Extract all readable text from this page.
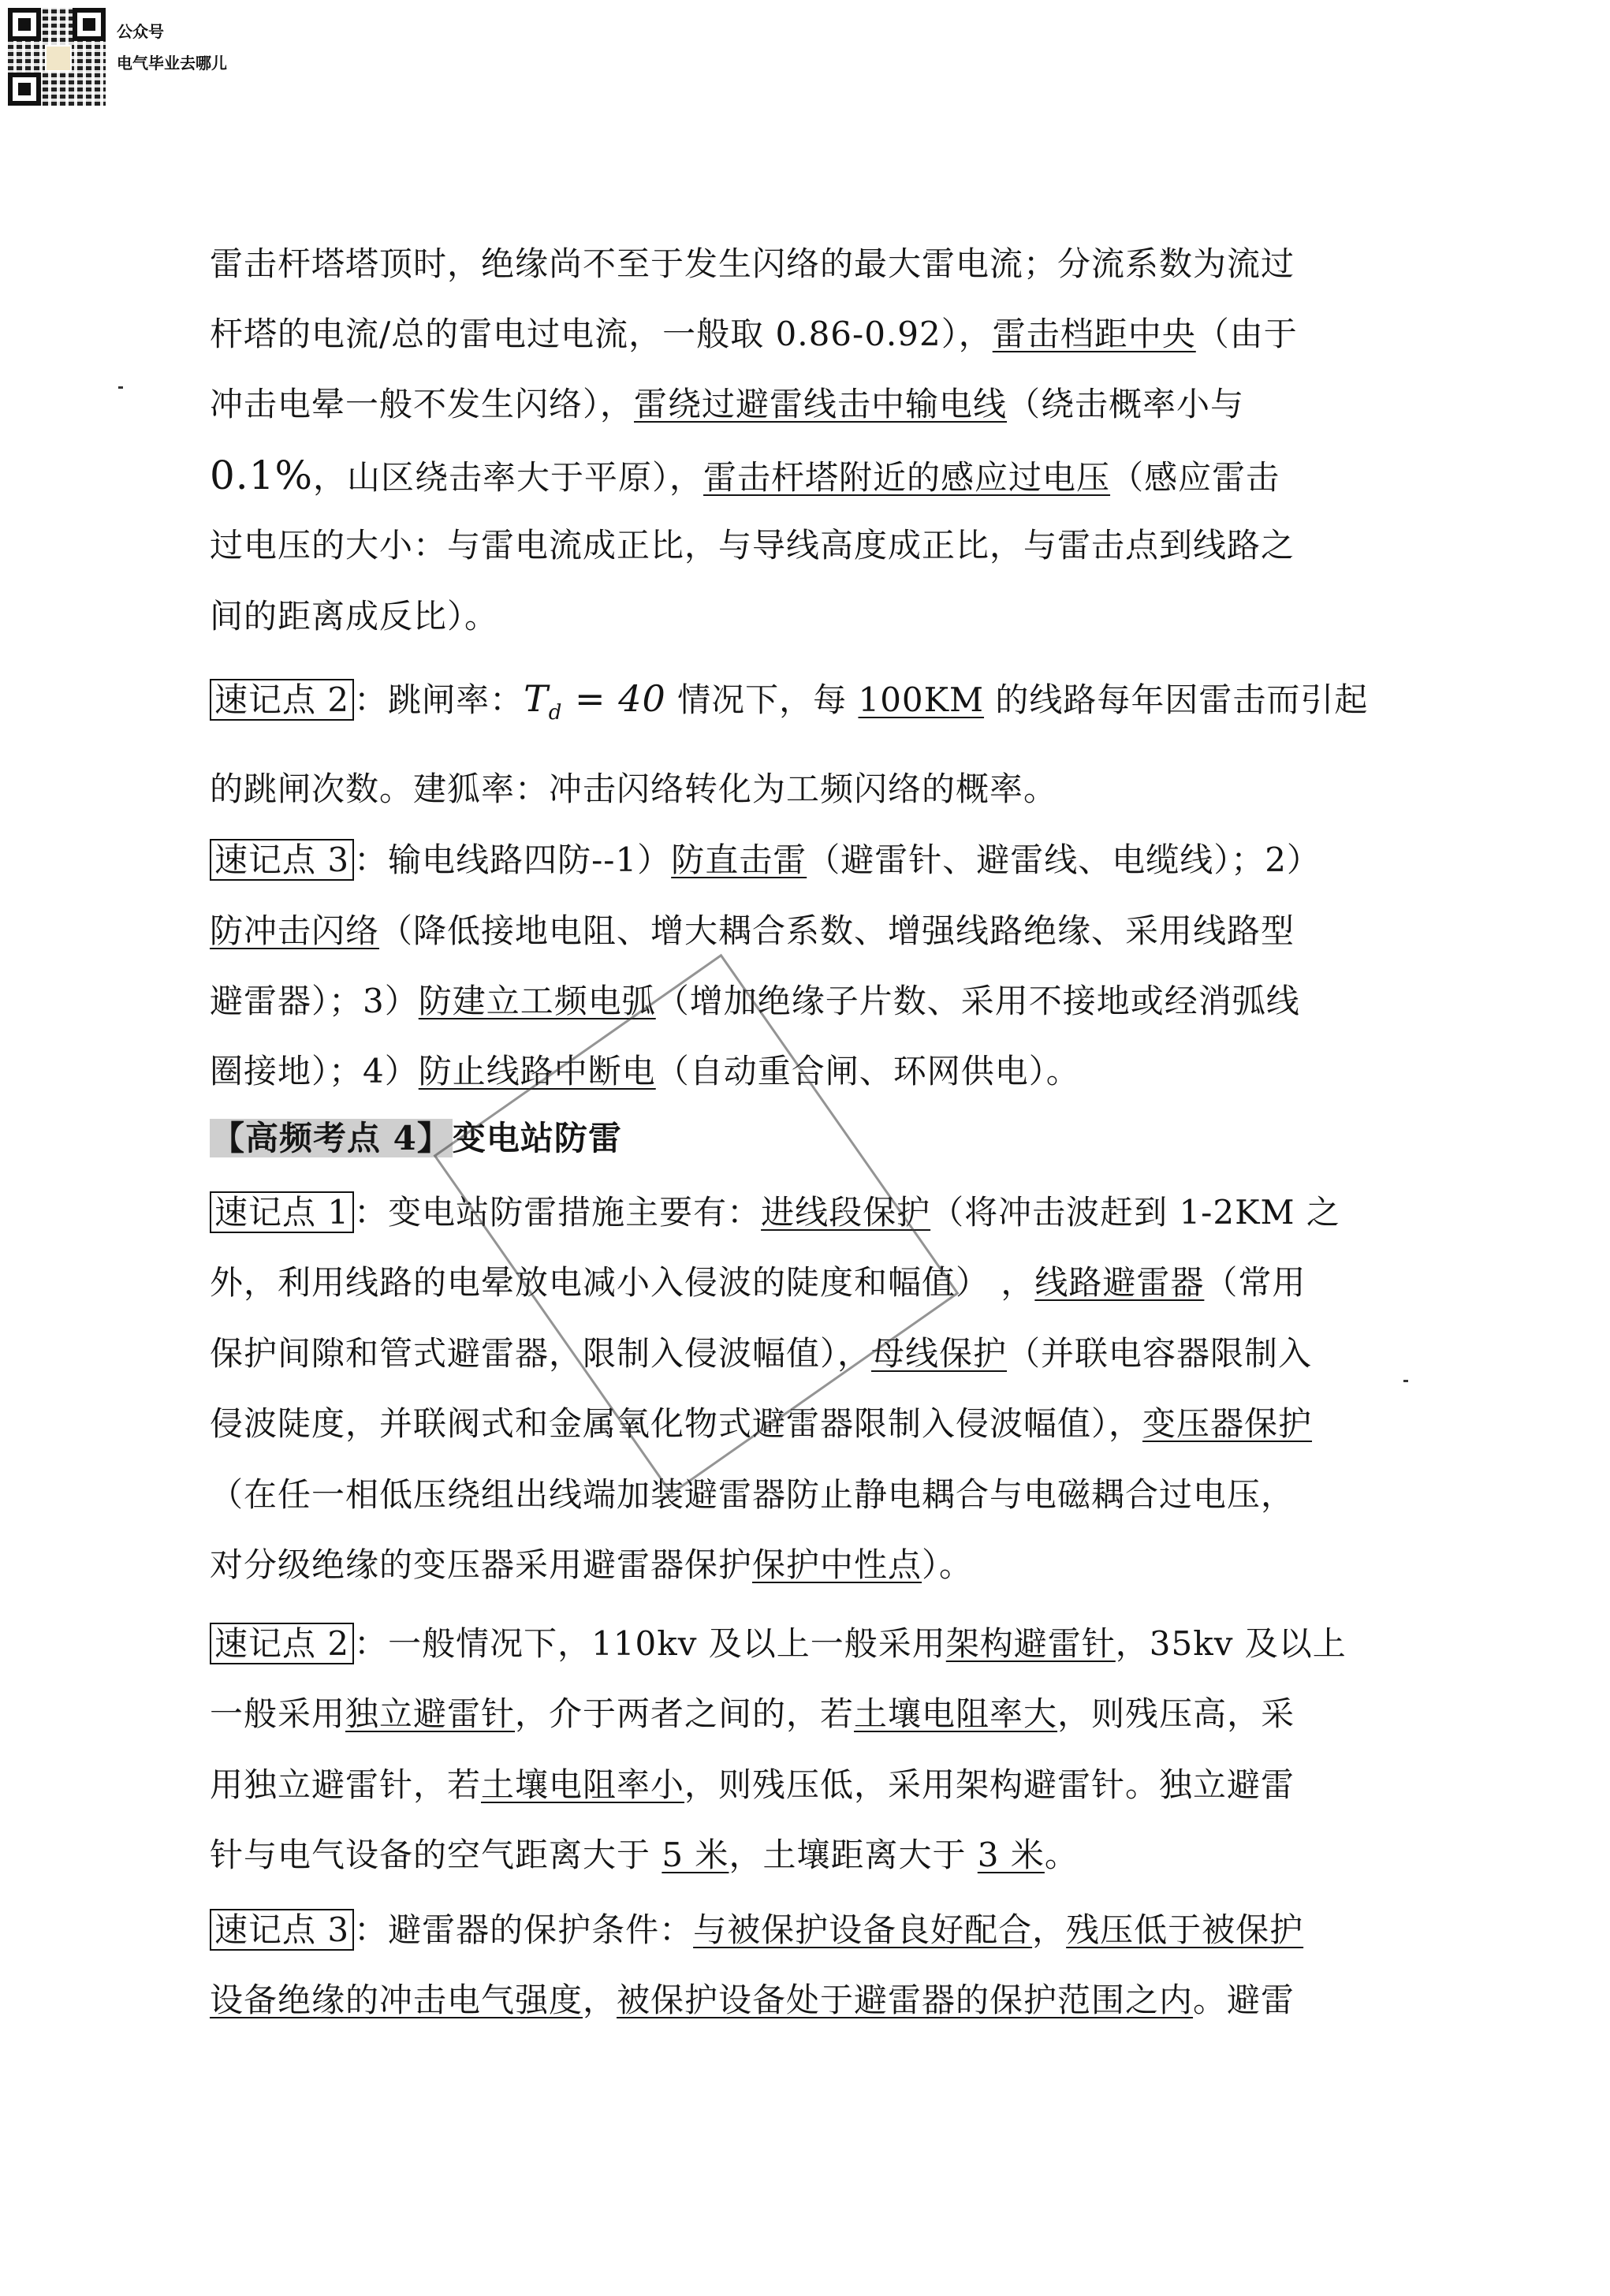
公众号
电气毕业去哪儿
雷击杆塔塔顶时，绝缘尚不至于发生闪络的最大雷电流；分流系数为流过
杆塔的电流/总的雷电过电流，一般取 0.86-0.92），雷击档距中央（由于
冲击电晕一般不发生闪络），雷绕过避雷线击中输电线（绕击概率小与
0.1%，山区绕击率大于平原），雷击杆塔附近的感应过电压（感应雷击
过电压的大小：与雷电流成正比，与导线高度成正比，与雷击点到线路之
间的距离成反比）。
速记点 2 ：跳闸率：$T_d = 40$ 情况下，每 100KM 的线路每年因雷击而引起
的跳闸次数。建狐率：冲击闪络转化为工频闪络的概率。
速记点 3 ：输电线路四防--1）防直击雷（避雷针、避雷线、电缆线）；2）
防冲击闪络（降低接地电阻、增大耦合系数、增强线路绝缘、采用线路型
避雷器）；3）防建立工频电弧（增加绝缘子片数、采用不接地或经消弧线
圈接地）；4）防止线路中断电（自动重合闸、环网供电）。
【高频考点 4】变电站防雷
速记点 1 ：变电站防雷措施主要有：进线段保护（将冲击波赶到 1-2KM 之
外，利用线路的电晕放电减小入侵波的陡度和幅值） ，线路避雷器（常用
保护间隙和管式避雷器，限制入侵波幅值），母线保护（并联电容器限制入
侵波陡度，并联阀式和金属氧化物式避雷器限制入侵波幅值），变压器保护
（在任一相低压绕组出线端加装避雷器防止静电耦合与电磁耦合过电压，
对分级绝缘的变压器采用避雷器保护保护中性点）。
速记点 2 ：一般情况下，110kv 及以上一般采用架构避雷针，35kv 及以上
一般采用独立避雷针，介于两者之间的，若土壤电阻率大，则残压高，采
用独立避雷针，若土壤电阻率小，则残压低，采用架构避雷针。独立避雷
针与电气设备的空气距离大于 5 米，土壤距离大于 3 米。
速记点 3 ：避雷器的保护条件：与被保护设备良好配合，残压低于被保护
设备绝缘的冲击电气强度，被保护设备处于避雷器的保护范围之内。避雷
